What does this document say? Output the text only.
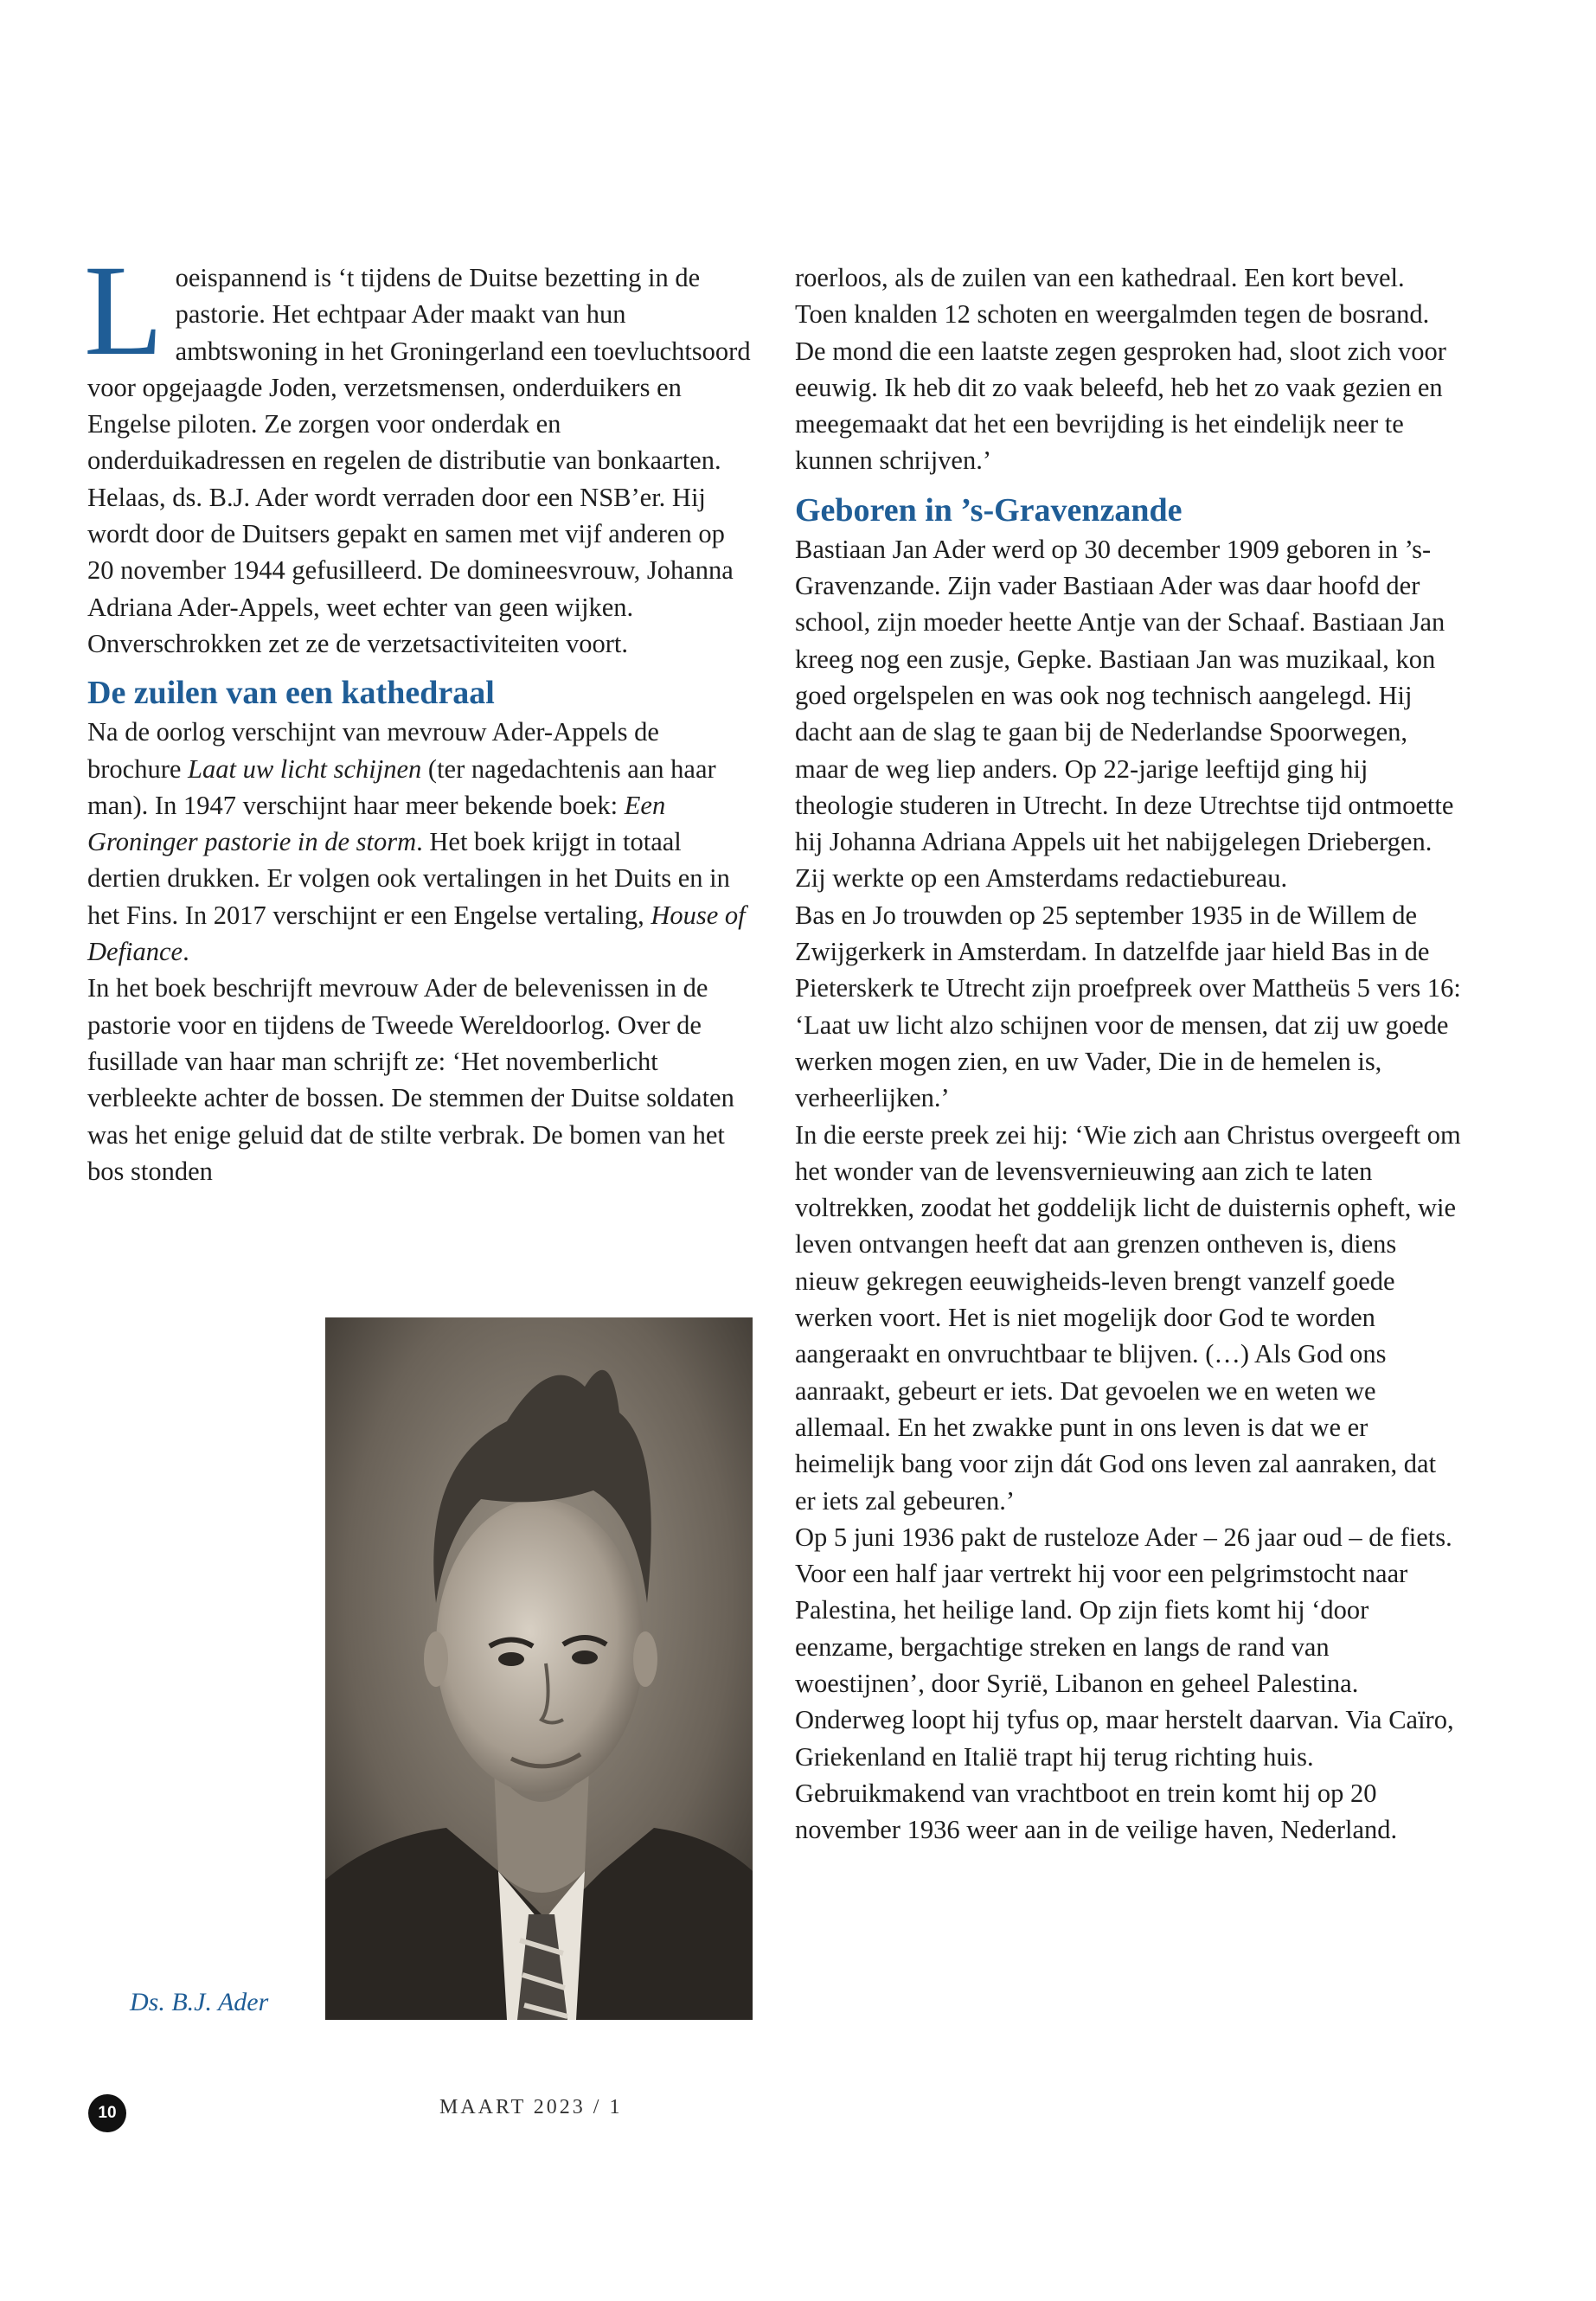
Loeispannend is ‘t tijdens de Duitse bezetting in de pastorie. Het echtpaar Ader maakt van hun ambtswoning in het Groningerland een toevluchtsoord voor opgejaagde Joden, verzetsmensen, onderduikers en Engelse piloten. Ze zorgen voor onderdak en onderduikadressen en regelen de distributie van bonkaarten.

Helaas, ds. B.J. Ader wordt verraden door een NSB’er. Hij wordt door de Duitsers gepakt en samen met vijf anderen op 20 november 1944 gefusilleerd. De domineesvrouw, Johanna Adriana Ader-Appels, weet echter van geen wijken. Onverschrokken zet ze de verzetsactiviteiten voort.

De zuilen van een kathedraal

Na de oorlog verschijnt van mevrouw Ader-Appels de brochure Laat uw licht schijnen (ter nagedachtenis aan haar man). In 1947 verschijnt haar meer bekende boek: Een Groninger pastorie in de storm. Het boek krijgt in totaal dertien drukken. Er volgen ook vertalingen in het Duits en in het Fins. In 2017 verschijnt er een Engelse vertaling, House of Defiance.

In het boek beschrijft mevrouw Ader de belevenissen in de pastorie voor en tijdens de Tweede Wereldoorlog. Over de fusillade van haar man schrijft ze: ‘Het novemberlicht verbleekte achter de bossen. De stemmen der Duitse soldaten was het enige geluid dat de stilte verbrak. De bomen van het bos stonden

roerloos, als de zuilen van een kathedraal. Een kort bevel. Toen knalden 12 schoten en weergalmden tegen de bosrand. De mond die een laatste zegen gesproken had, sloot zich voor eeuwig. Ik heb dit zo vaak beleefd, heb het zo vaak gezien en meegemaakt dat het een bevrijding is het eindelijk neer te kunnen schrijven.’

Geboren in ’s-Gravenzande

Bastiaan Jan Ader werd op 30 december 1909 geboren in ’s-Gravenzande. Zijn vader Bastiaan Ader was daar hoofd der school, zijn moeder heette Antje van der Schaaf. Bastiaan Jan kreeg nog een zusje, Gepke. Bastiaan Jan was muzikaal, kon goed orgelspelen en was ook nog technisch aangelegd. Hij dacht aan de slag te gaan bij de Nederlandse Spoorwegen, maar de weg liep anders. Op 22-jarige leeftijd ging hij theologie studeren in Utrecht. In deze Utrechtse tijd ontmoette hij Johanna Adriana Appels uit het nabijgelegen Driebergen. Zij werkte op een Amsterdams redactiebureau.

Bas en Jo trouwden op 25 september 1935 in de Willem de Zwijgerkerk in Amsterdam. In datzelfde jaar hield Bas in de Pieterskerk te Utrecht zijn proefpreek over Mattheüs 5 vers 16: ‘Laat uw licht alzo schijnen voor de mensen, dat zij uw goede werken mogen zien, en uw Vader, Die in de hemelen is, verheerlijken.’

In die eerste preek zei hij: ‘Wie zich aan Christus overgeeft om het wonder van de levensvernieuwing aan zich te laten voltrekken, zoodat het goddelijk licht de duisternis opheft, wie leven ontvangen heeft dat aan grenzen ontheven is, diens nieuw gekregen eeuwigheids-leven brengt vanzelf goede werken voort. Het is niet mogelijk door God te worden aangeraakt en onvruchtbaar te blijven. (…) Als God ons aanraakt, gebeurt er iets. Dat gevoelen we en weten we allemaal. En het zwakke punt in ons leven is dat we er heimelijk bang voor zijn dát God ons leven zal aanraken, dat er iets zal gebeuren.’

Op 5 juni 1936 pakt de rusteloze Ader – 26 jaar oud – de fiets. Voor een half jaar vertrekt hij voor een pelgrimstocht naar Palestina, het heilige land. Op zijn fiets komt hij ‘door eenzame, bergachtige streken en langs de rand van woestijnen’, door Syrië, Libanon en geheel Palestina. Onderweg loopt hij tyfus op, maar herstelt daarvan. Via Caïro, Griekenland en Italië trapt hij terug richting huis. Gebruikmakend van vrachtboot en trein komt hij op 20 november 1936 weer aan in de veilige haven, Nederland.

Ds. B.J. Ader
10	MAART 2023 / 1
